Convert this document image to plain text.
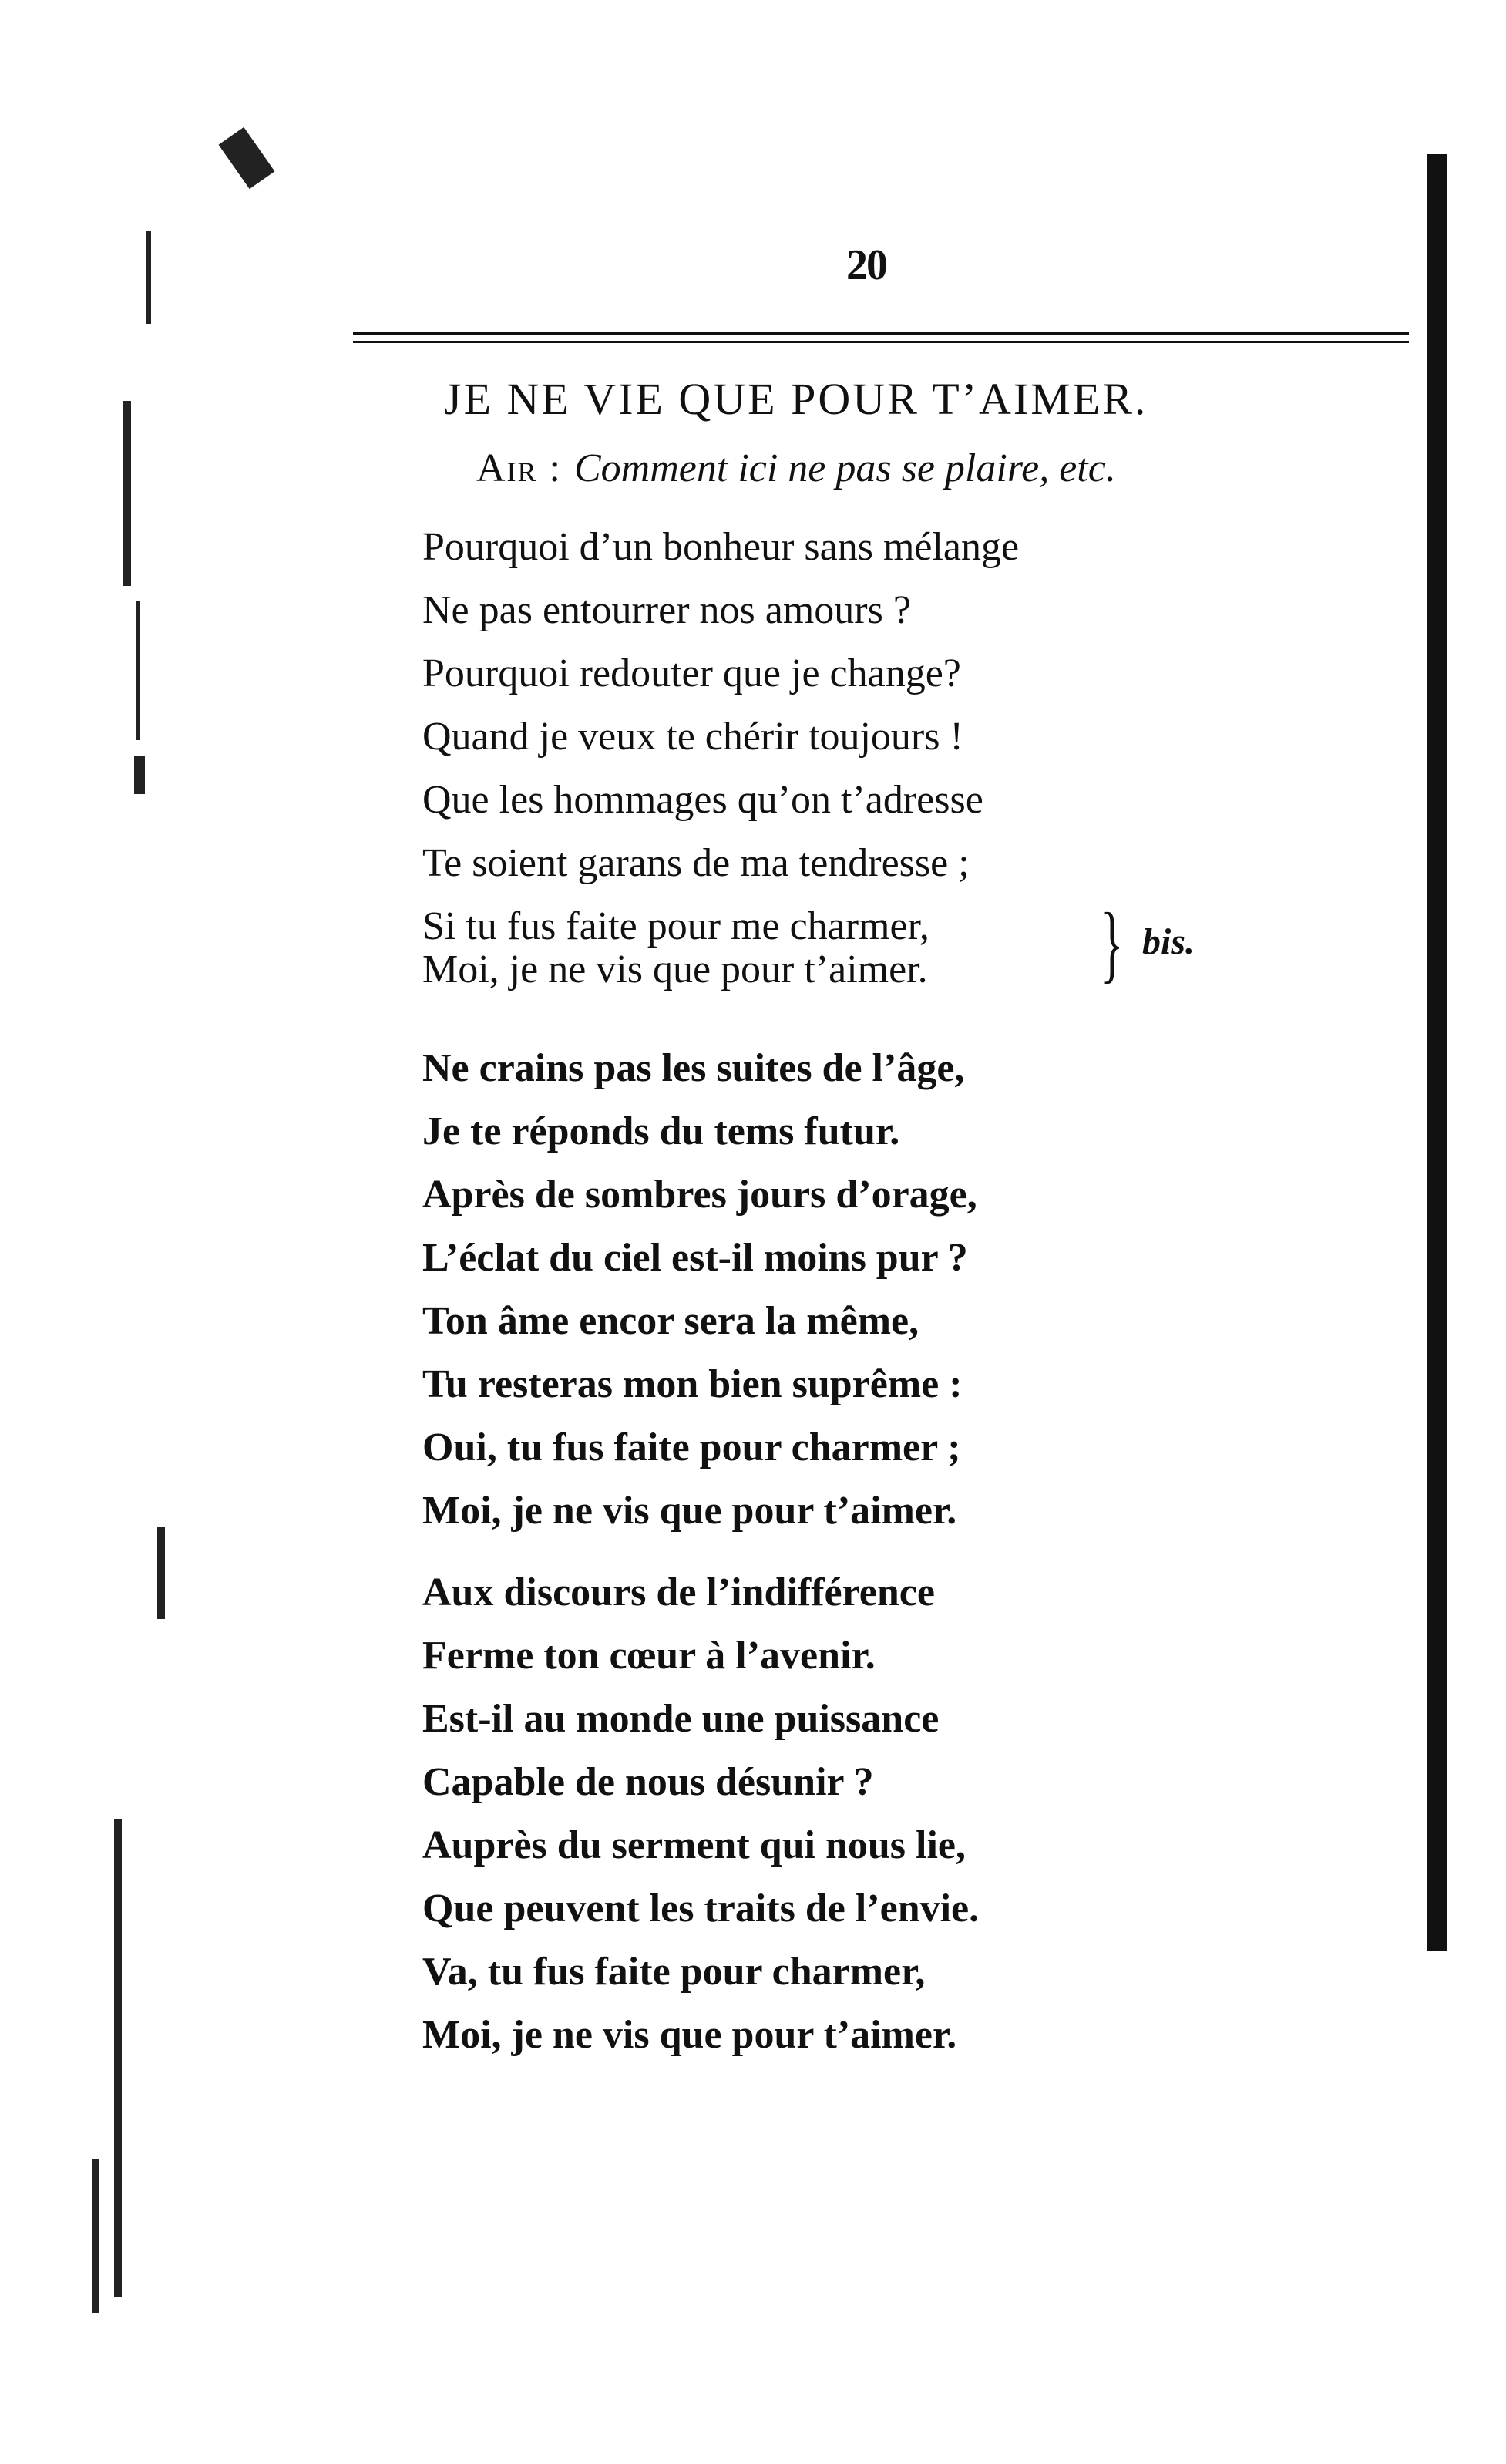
20
JE NE VIE QUE POUR T’AIMER.
Air : Comment ici ne pas se plaire, etc.
Pourquoi d’un bonheur sans mélange
Ne pas entourrer nos amours ?
Pourquoi redouter que je change?
Quand je veux te chérir toujours !
Que les hommages qu’on t’adresse
Te soient garans de ma tendresse ;
Si tu fus faite pour me charmer,
Moi, je ne vis que pour t’aimer. } bis.
Ne crains pas les suites de l’âge,
Je te réponds du tems futur.
Après de sombres jours d’orage,
L’éclat du ciel est-il moins pur ?
Ton âme encor sera la même,
Tu resteras mon bien suprême :
Oui, tu fus faite pour charmer ;
Moi, je ne vis que pour t’aimer.
Aux discours de l’indifférence
Ferme ton cœur à l’avenir.
Est-il au monde une puissance
Capable de nous désunir ?
Auprès du serment qui nous lie,
Que peuvent les traits de l’envie.
Va, tu fus faite pour charmer,
Moi, je ne vis que pour t’aimer.
